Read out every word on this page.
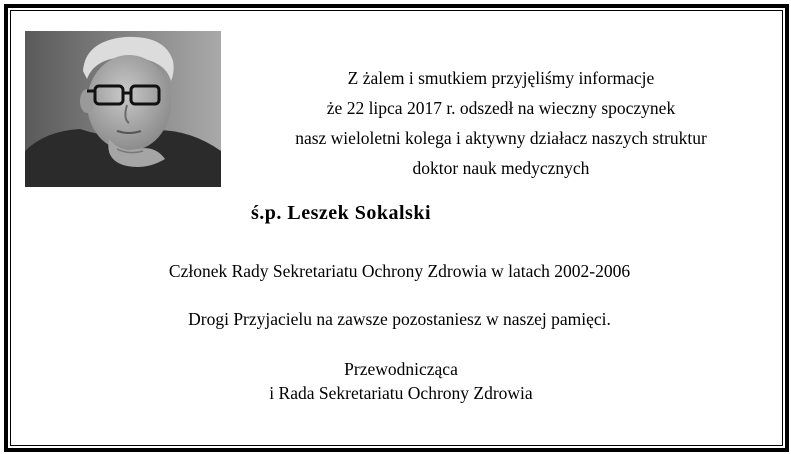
Z żalem i smutkiem przyjęliśmy informacje
że 22 lipca 2017 r. odszedł na wieczny spoczynek
nasz wieloletni kolega i aktywny działacz naszych struktur
doktor nauk medycznych
ś.p. Leszek Sokalski
Członek Rady Sekretariatu Ochrony Zdrowia w latach 2002-2006
Drogi Przyjacielu na zawsze pozostaniesz w naszej pamięci.
Przewodnicząca
i Rada Sekretariatu Ochrony Zdrowia
